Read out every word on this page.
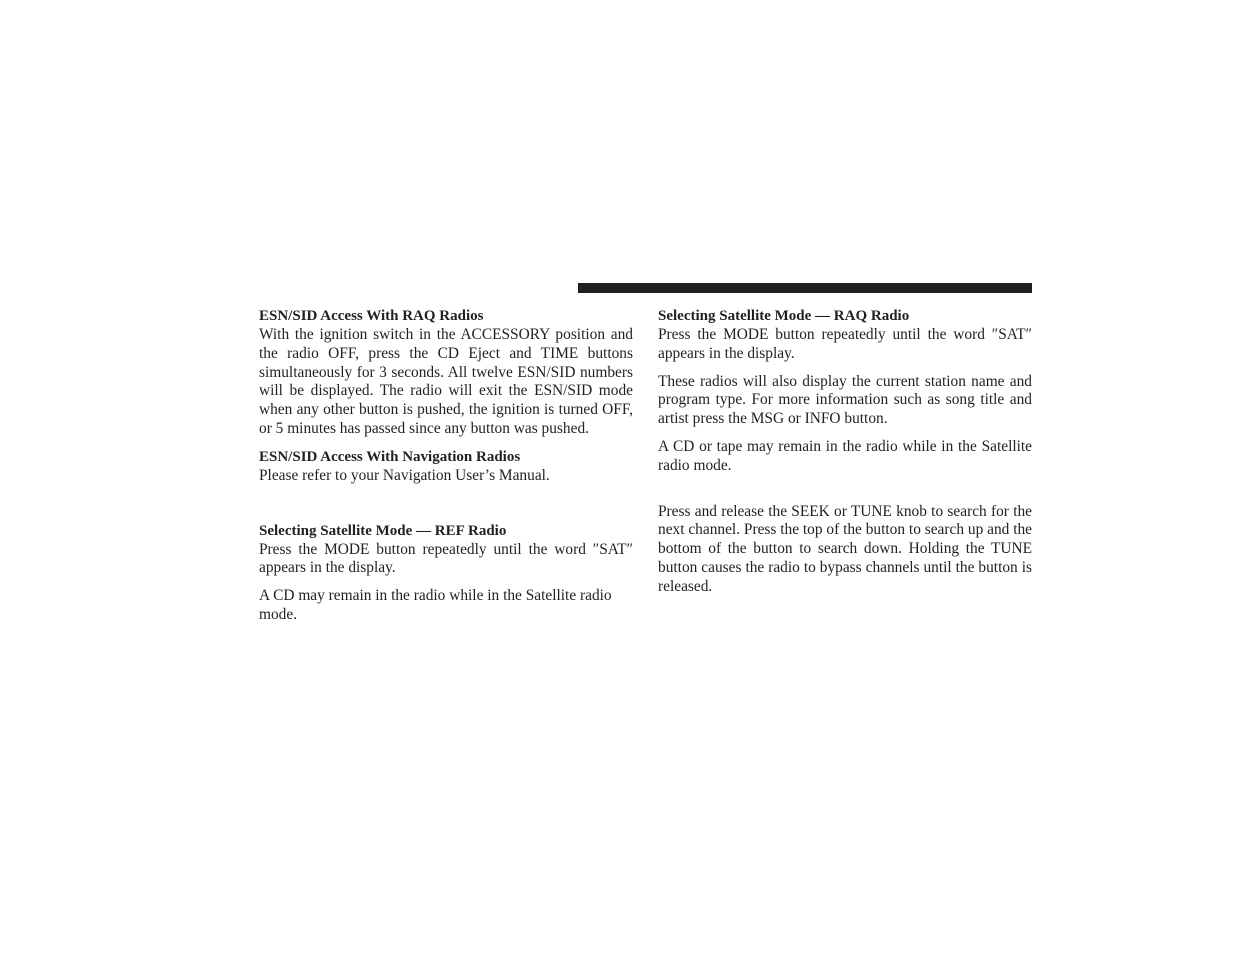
ESN/SID Access With RAQ Radios

With the ignition switch in the ACCESSORY position and the radio OFF, press the CD Eject and TIME buttons simultaneously for 3 seconds. All twelve ESN/SID numbers will be displayed. The radio will exit the ESN/SID mode when any other button is pushed, the ignition is turned OFF, or 5 minutes has passed since any button was pushed.

ESN/SID Access With Navigation Radios

Please refer to your Navigation User’s Manual.

Selecting Satellite Mode — REF Radio

Press the MODE button repeatedly until the word ″SAT″ appears in the display.

A CD may remain in the radio while in the Satellite radio mode.

Selecting Satellite Mode — RAQ Radio

Press the MODE button repeatedly until the word ″SAT″ appears in the display.

These radios will also display the current station name and program type. For more information such as song title and artist press the MSG or INFO button.

A CD or tape may remain in the radio while in the Satellite radio mode.

Press and release the SEEK or TUNE knob to search for the next channel. Press the top of the button to search up and the bottom of the button to search down. Holding the TUNE button causes the radio to bypass channels until the button is released.
